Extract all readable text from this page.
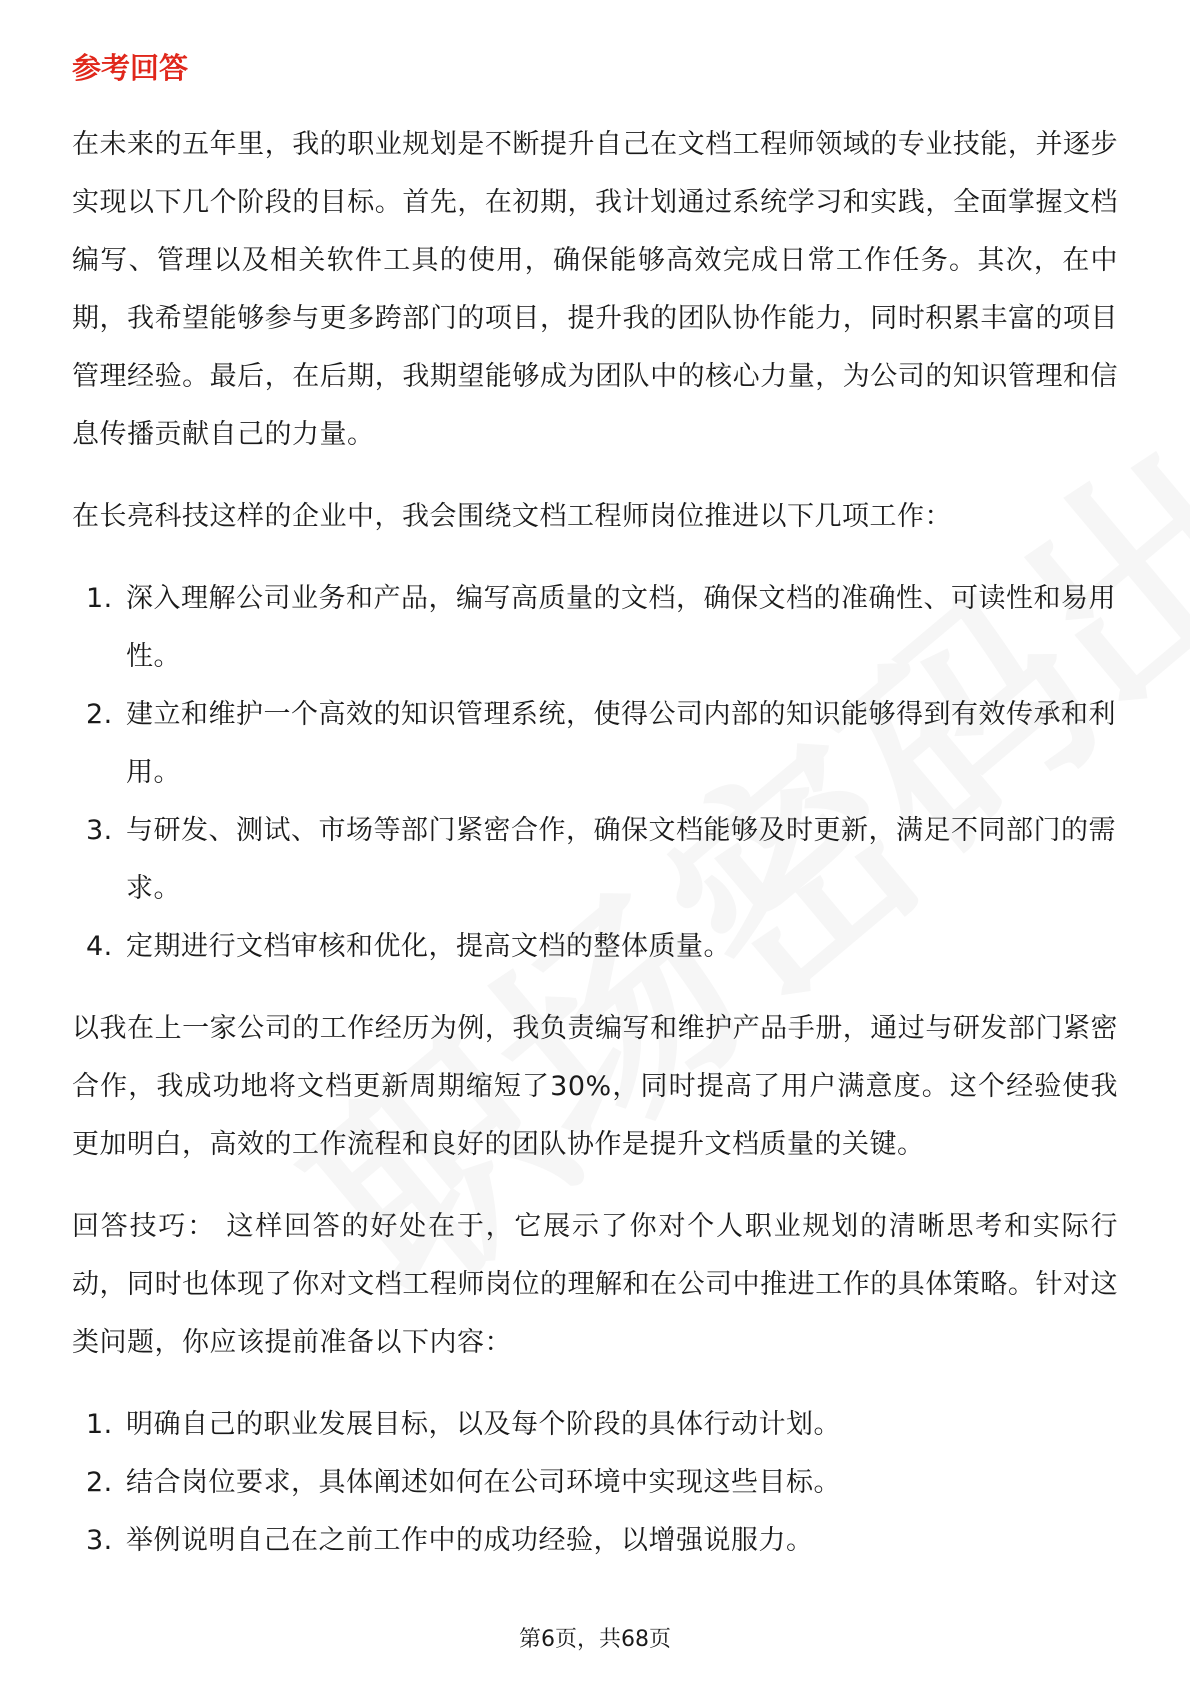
参考回答

在未来的五年里，我的职业规划是不断提升自己在文档工程师领域的专业技能，并逐步实现以下几个阶段的目标。首先，在初期，我计划通过系统学习和实践，全面掌握文档编写、管理以及相关软件工具的使用，确保能够高效完成日常工作任务。其次，在中期，我希望能够参与更多跨部门的项目，提升我的团队协作能力，同时积累丰富的项目管理经验。最后，在后期，我期望能够成为团队中的核心力量，为公司的知识管理和信息传播贡献自己的力量。

在长亮科技这样的企业中，我会围绕文档工程师岗位推进以下几项工作：

1. 深入理解公司业务和产品，编写高质量的文档，确保文档的准确性、可读性和易用性。
2. 建立和维护一个高效的知识管理系统，使得公司内部的知识能够得到有效传承和利用。
3. 与研发、测试、市场等部门紧密合作，确保文档能够及时更新，满足不同部门的需求。
4. 定期进行文档审核和优化，提高文档的整体质量。

以我在上一家公司的工作经历为例，我负责编写和维护产品手册，通过与研发部门紧密合作，我成功地将文档更新周期缩短了30%，同时提高了用户满意度。这个经验使我更加明白，高效的工作流程和良好的团队协作是提升文档质量的关键。

回答技巧： 这样回答的好处在于，它展示了你对个人职业规划的清晰思考和实际行动，同时也体现了你对文档工程师岗位的理解和在公司中推进工作的具体策略。针对这类问题，你应该提前准备以下内容：

1. 明确自己的职业发展目标，以及每个阶段的具体行动计划。
2. 结合岗位要求，具体阐述如何在公司环境中实现这些目标。
3. 举例说明自己在之前工作中的成功经验，以增强说服力。
第6页，共68页
